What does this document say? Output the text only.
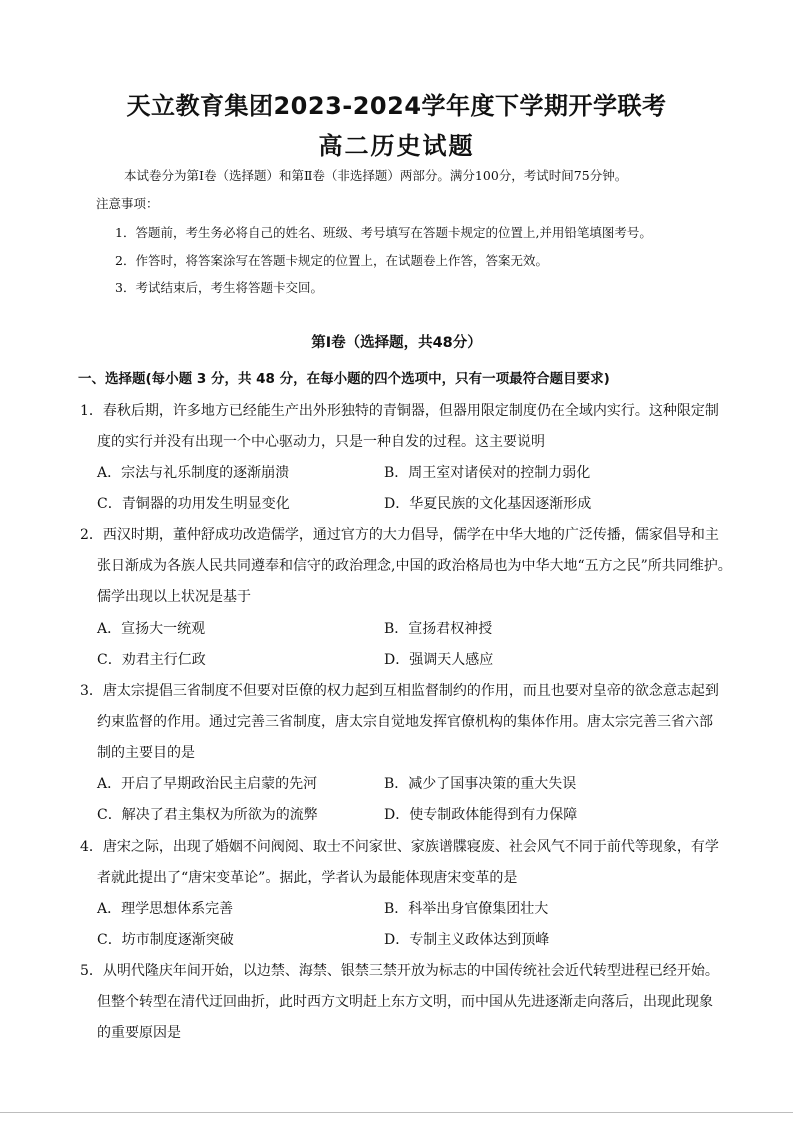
天立教育集团2023-2024学年度下学期开学联考
高二历史试题
本试卷分为第Ⅰ卷（选择题）和第Ⅱ卷（非选择题）两部分。满分100分，考试时间75分钟。
注意事项：
1．答题前，考生务必将自己的姓名、班级、考号填写在答题卡规定的位置上,并用铅笔填图考号。
2．作答时，将答案涂写在答题卡规定的位置上，在试题卷上作答，答案无效。
3．考试结束后，考生将答题卡交回。
第Ⅰ卷（选择题，共48分）
一、选择题(每小题 3 分，共 48 分，在每小题的四个选项中，只有一项最符合题目要求)
1．春秋后期，许多地方已经能生产出外形独特的青铜器，但器用限定制度仍在全域内实行。这种限定制
度的实行并没有出现一个中心驱动力，只是一种自发的过程。这主要说明
A．宗法与礼乐制度的逐渐崩溃	B．周王室对诸侯对的控制力弱化
C．青铜器的功用发生明显变化	D．华夏民族的文化基因逐渐形成
2．西汉时期，董仲舒成功改造儒学，通过官方的大力倡导，儒学在中华大地的广泛传播，儒家倡导和主
张日渐成为各族人民共同遵奉和信守的政治理念,中国的政治格局也为中华大地“五方之民”所共同维护。
儒学出现以上状况是基于
A．宣扬大一统观	B．宣扬君权神授
C．劝君主行仁政	D．强调天人感应
3．唐太宗提倡三省制度不但要对臣僚的权力起到互相监督制约的作用，而且也要对皇帝的欲念意志起到
约束监督的作用。通过完善三省制度，唐太宗自觉地发挥官僚机构的集体作用。唐太宗完善三省六部
制的主要目的是
A．开启了早期政治民主启蒙的先河	B．减少了国事决策的重大失误
C．解决了君主集权为所欲为的流弊	D．使专制政体能得到有力保障
4．唐宋之际，出现了婚姻不问阀阅、取士不问家世、家族谱牒寝废、社会风气不同于前代等现象，有学
者就此提出了“唐宋变革论”。据此，学者认为最能体现唐宋变革的是
A．理学思想体系完善	B．科举出身官僚集团壮大
C．坊市制度逐渐突破	D．专制主义政体达到顶峰
5．从明代隆庆年间开始，以边禁、海禁、银禁三禁开放为标志的中国传统社会近代转型进程已经开始。
但整个转型在清代迂回曲折，此时西方文明赶上东方文明，而中国从先进逐渐走向落后，出现此现象
的重要原因是
